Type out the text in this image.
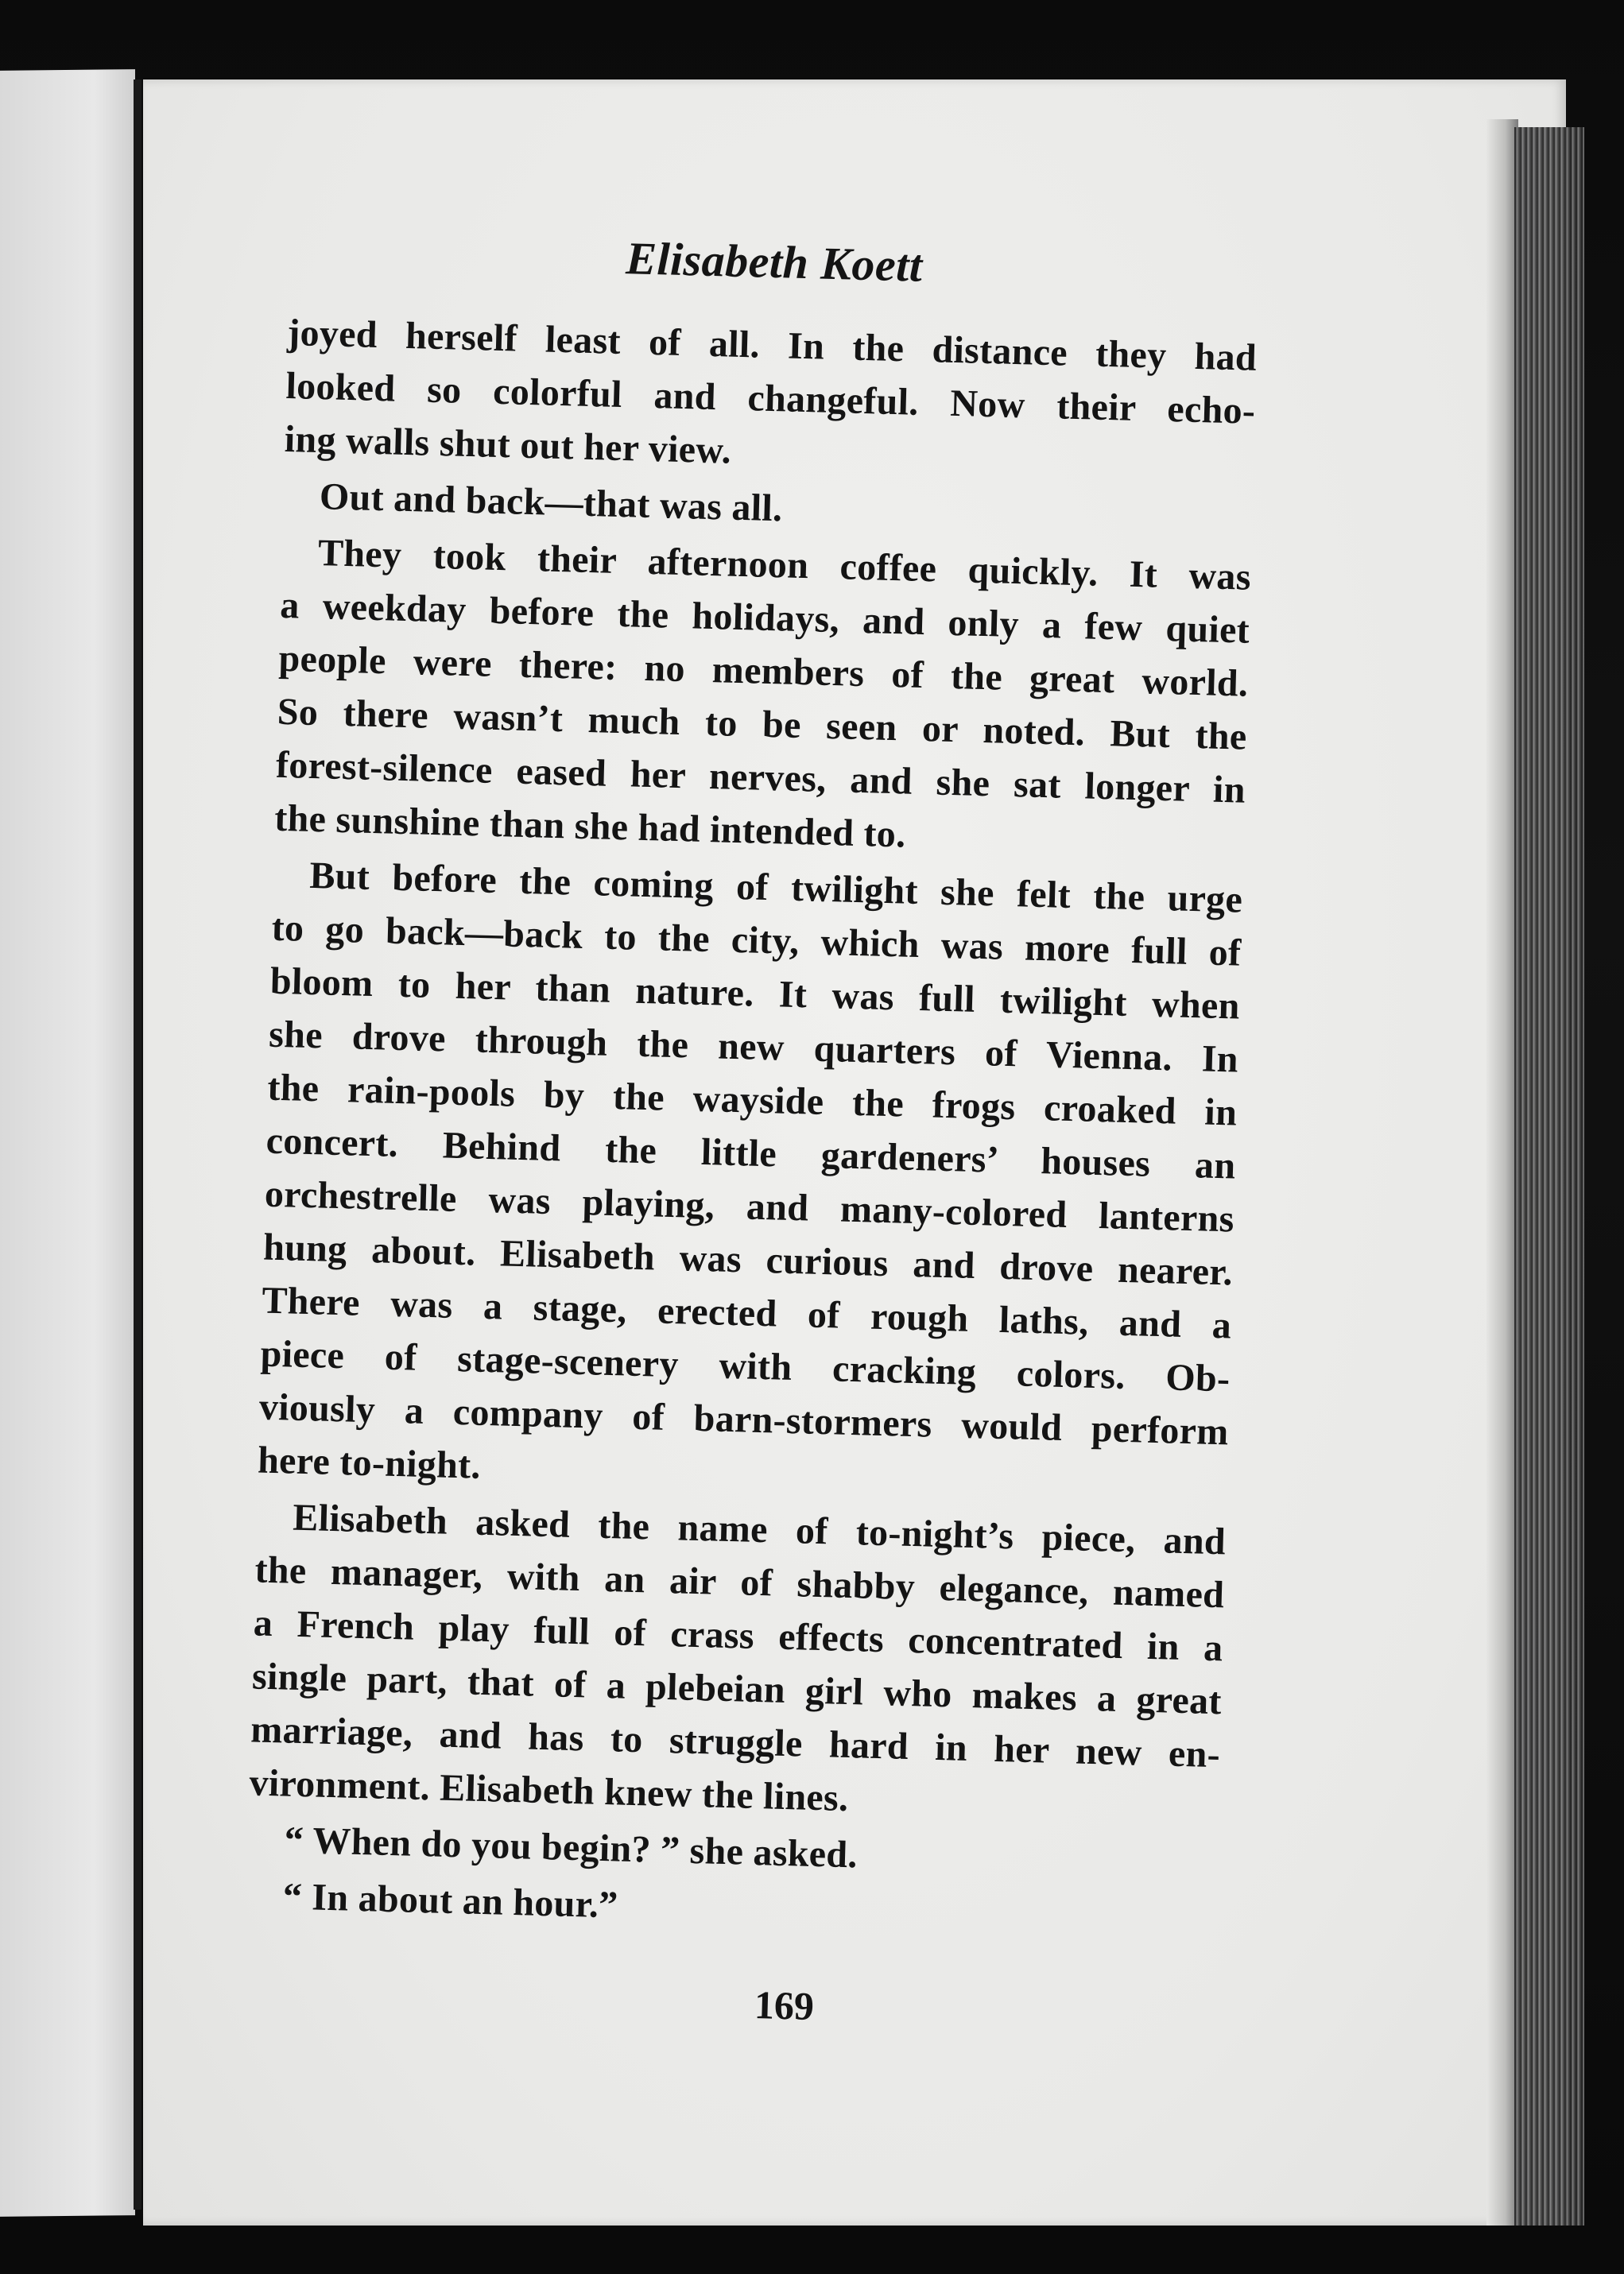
Elisabeth Koett
joyed herself least of all. In the distance they had
looked so colorful and changeful. Now their echo-
ing walls shut out her view.
Out and back—that was all.
They took their afternoon coffee quickly. It was
a weekday before the holidays, and only a few quiet
people were there: no members of the great world.
So there wasn’t much to be seen or noted. But the
forest-silence eased her nerves, and she sat longer in
the sunshine than she had intended to.
But before the coming of twilight she felt the urge
to go back—back to the city, which was more full of
bloom to her than nature. It was full twilight when
she drove through the new quarters of Vienna. In
the rain-pools by the wayside the frogs croaked in
concert. Behind the little gardeners’ houses an
orchestrelle was playing, and many-colored lanterns
hung about. Elisabeth was curious and drove nearer.
There was a stage, erected of rough laths, and a
piece of stage-scenery with cracking colors. Ob-
viously a company of barn-stormers would perform
here to-night.
Elisabeth asked the name of to-night’s piece, and
the manager, with an air of shabby elegance, named
a French play full of crass effects concentrated in a
single part, that of a plebeian girl who makes a great
marriage, and has to struggle hard in her new en-
vironment. Elisabeth knew the lines.
“ When do you begin? ” she asked.
“ In about an hour.”
169
